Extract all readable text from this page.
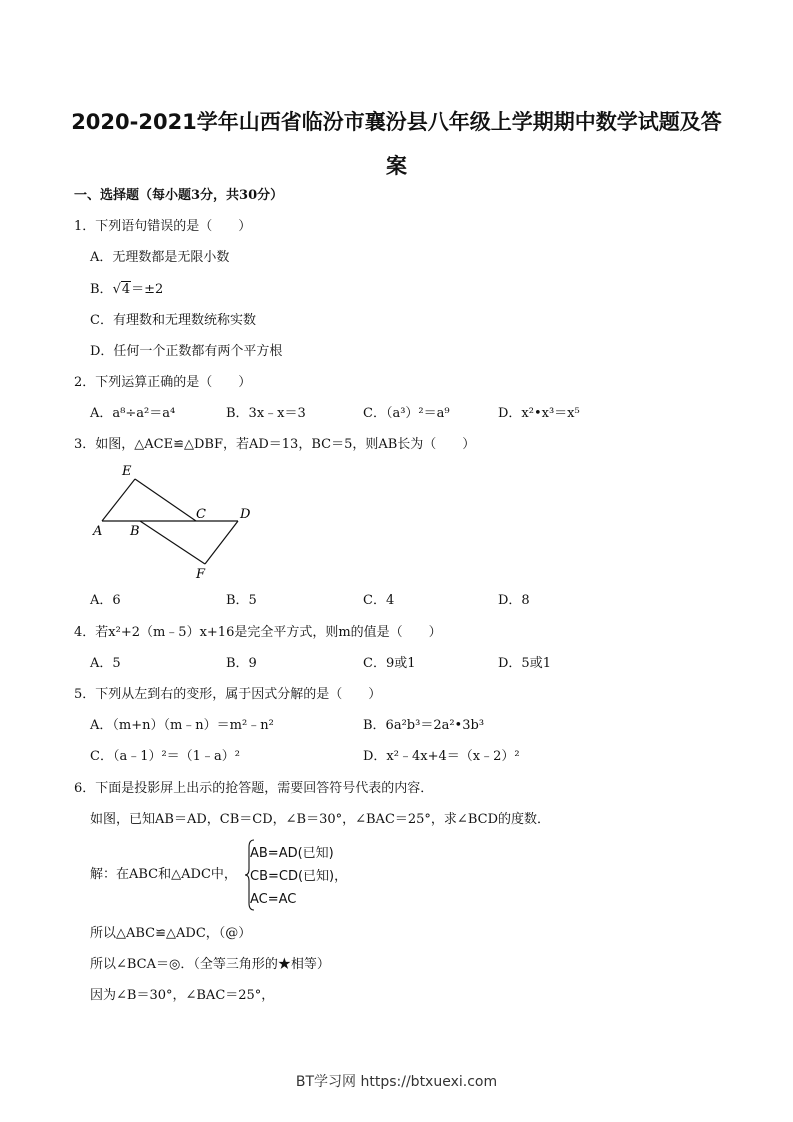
2020-2021学年山西省临汾市襄汾县八年级上学期期中数学试题及答案
一、选择题（每小题3分，共30分）
1．下列语句错误的是（　　）
A．无理数都是无限小数
B．√4＝±2
C．有理数和无理数统称实数
D．任何一个正数都有两个平方根
2．下列运算正确的是（　　）
A．a⁸÷a²＝a⁴	B．3x﹣x＝3	C．（a³）²＝a⁹	D．x²•x³＝x⁵
3．如图，△ACE≌△DBF，若AD＝13，BC＝5，则AB长为（　　）
E
A B
C	D
F
A．6	B．5	C．4	D．8
4．若x²+2（m﹣5）x+16是完全平方式，则m的值是（　　）
A．5	B．9	C．9或1	D．5或1
5．下列从左到右的变形，属于因式分解的是（　　）
A．（m+n）（m﹣n）＝m²﹣n²	B．6a²b³＝2a²•3b³
C．（a﹣1）²＝（1﹣a）²	D．x²﹣4x+4＝（x﹣2）²
6．下面是投影屏上出示的抢答题，需要回答符号代表的内容．
如图，已知AB＝AD，CB＝CD，∠B＝30°，∠BAC＝25°，求∠BCD的度数．
解：在ABC和△ADC中，
AB=AD(已知)
CB=CD(已知)，
AC=AC
所以△ABC≌△ADC，（@）
所以∠BCA＝◎．（全等三角形的★相等）
因为∠B＝30°，∠BAC＝25°，
BT学习网 https://btxuexi.com
